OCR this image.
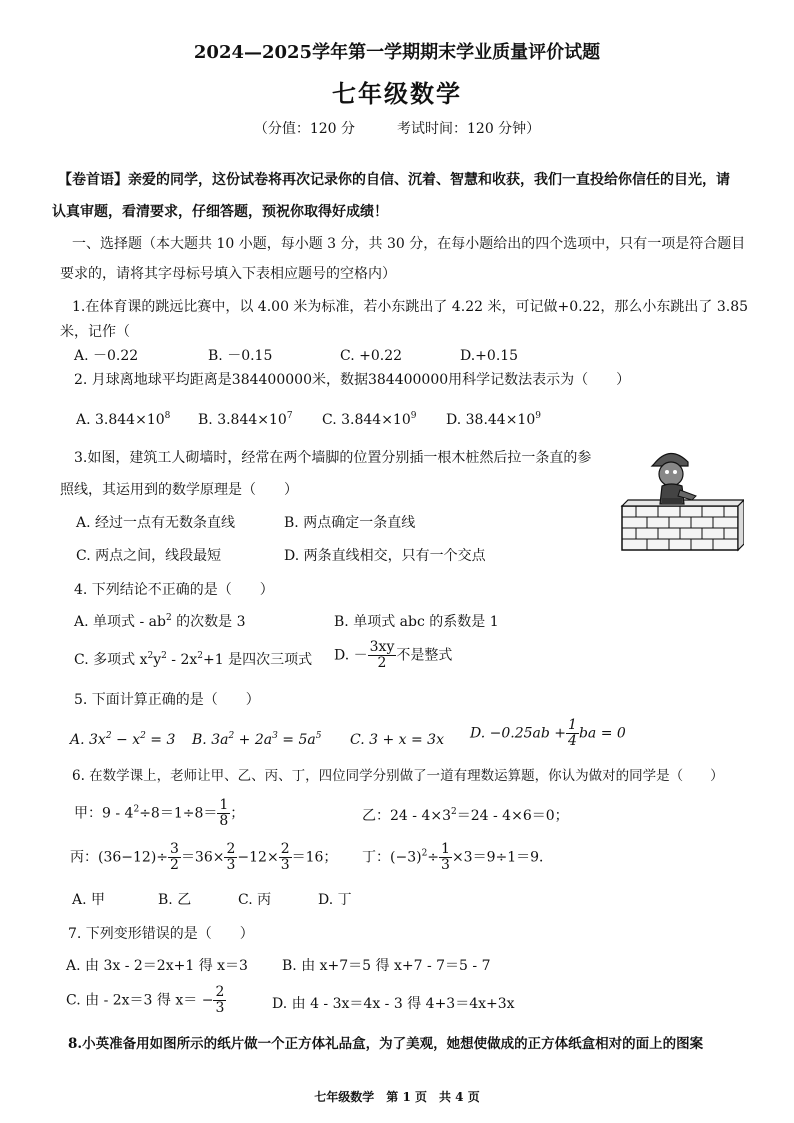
2024—2025学年第一学期期末学业质量评价试题
七年级数学
（分值：120 分　　　考试时间：120 分钟）
【卷首语】亲爱的同学，这份试卷将再次记录你的自信、沉着、智慧和收获，我们一直投给你信任的目光，请
认真审题，看清要求，仔细答题，预祝你取得好成绩！
一、选择题（本大题共 10 小题，每小题 3 分，共 30 分，在每小题给出的四个选项中，只有一项是符合题目
要求的，请将其字母标号填入下表相应题号的空格内）
1.在体育课的跳远比赛中，以 4.00 米为标准，若小东跳出了 4.22 米，可记做+0.22，那么小东跳出了 3.85
米，记作（
A. －0.22	B. －0.15	C. +0.22	D.+0.15
2. 月球离地球平均距离是384400000米，数据384400000用科学记数法表示为（　　）
A. $3.844\times 10^8$ B. $3.844\times 10^7$ C. $3.844\times 10^9$ D. $38.44\times 10^9$
3.如图，建筑工人砌墙时，经常在两个墙脚的位置分别插一根木桩然后拉一条直的参
照线，其运用到的数学原理是（　　）
A. 经过一点有无数条直线	B. 两点确定一条直线
C. 两点之间，线段最短	D. 两条直线相交，只有一个交点
4. 下列结论不正确的是（　　）
A. 单项式 - $ab^2$ 的次数是 3	B. 单项式 abc 的系数是 1
C. 多项式 $x^2y^2 - 2x^2+1$ 是四次三项式 D. － $\frac{3xy}{2}$ 不是整式
5. 下面计算正确的是（　　）
A. $3x^2 - x^2 = 3$ B. $3a^2 + 2a^3 = 5a^5$ C. 3 + x = 3x D. $-0.25ab + \frac{1}{4}$ ba = 0
6. 在数学课上，老师让甲、乙、丙、丁，四位同学分别做了一道有理数运算题，你认为做对的同学是（　　）
甲：$9 - 4^2\div 8=1\div 8= \frac{1}{8}$ ；	乙：$24 - 4\times 3^2=24 - 4\times 6=0$；
丙：$(36-12)\div \frac{3}{2} =36\times \frac{2}{3} -12\times \frac{2}{3} =16$； 丁：$(-3)^2\div \frac{1}{3} \times 3=9\div 1=9$．
A. 甲	B. 乙	C. 丙	D. 丁
7. 下列变形错误的是（　　）
A. 由 3x - 2＝2x+1 得 x＝3 B. 由 x+7＝5 得 x+7 - 7＝5 - 7
C. 由 - 2x＝3 得 $x= - \frac{2}{3}$	D. 由 4 - 3x＝4x - 3 得 4+3＝4x+3x
8.小英准备用如图所示的纸片做一个正方体礼品盒，为了美观，她想使做成的正方体纸盒相对的面上的图案
七年级数学　第 1 页　共 4 页
